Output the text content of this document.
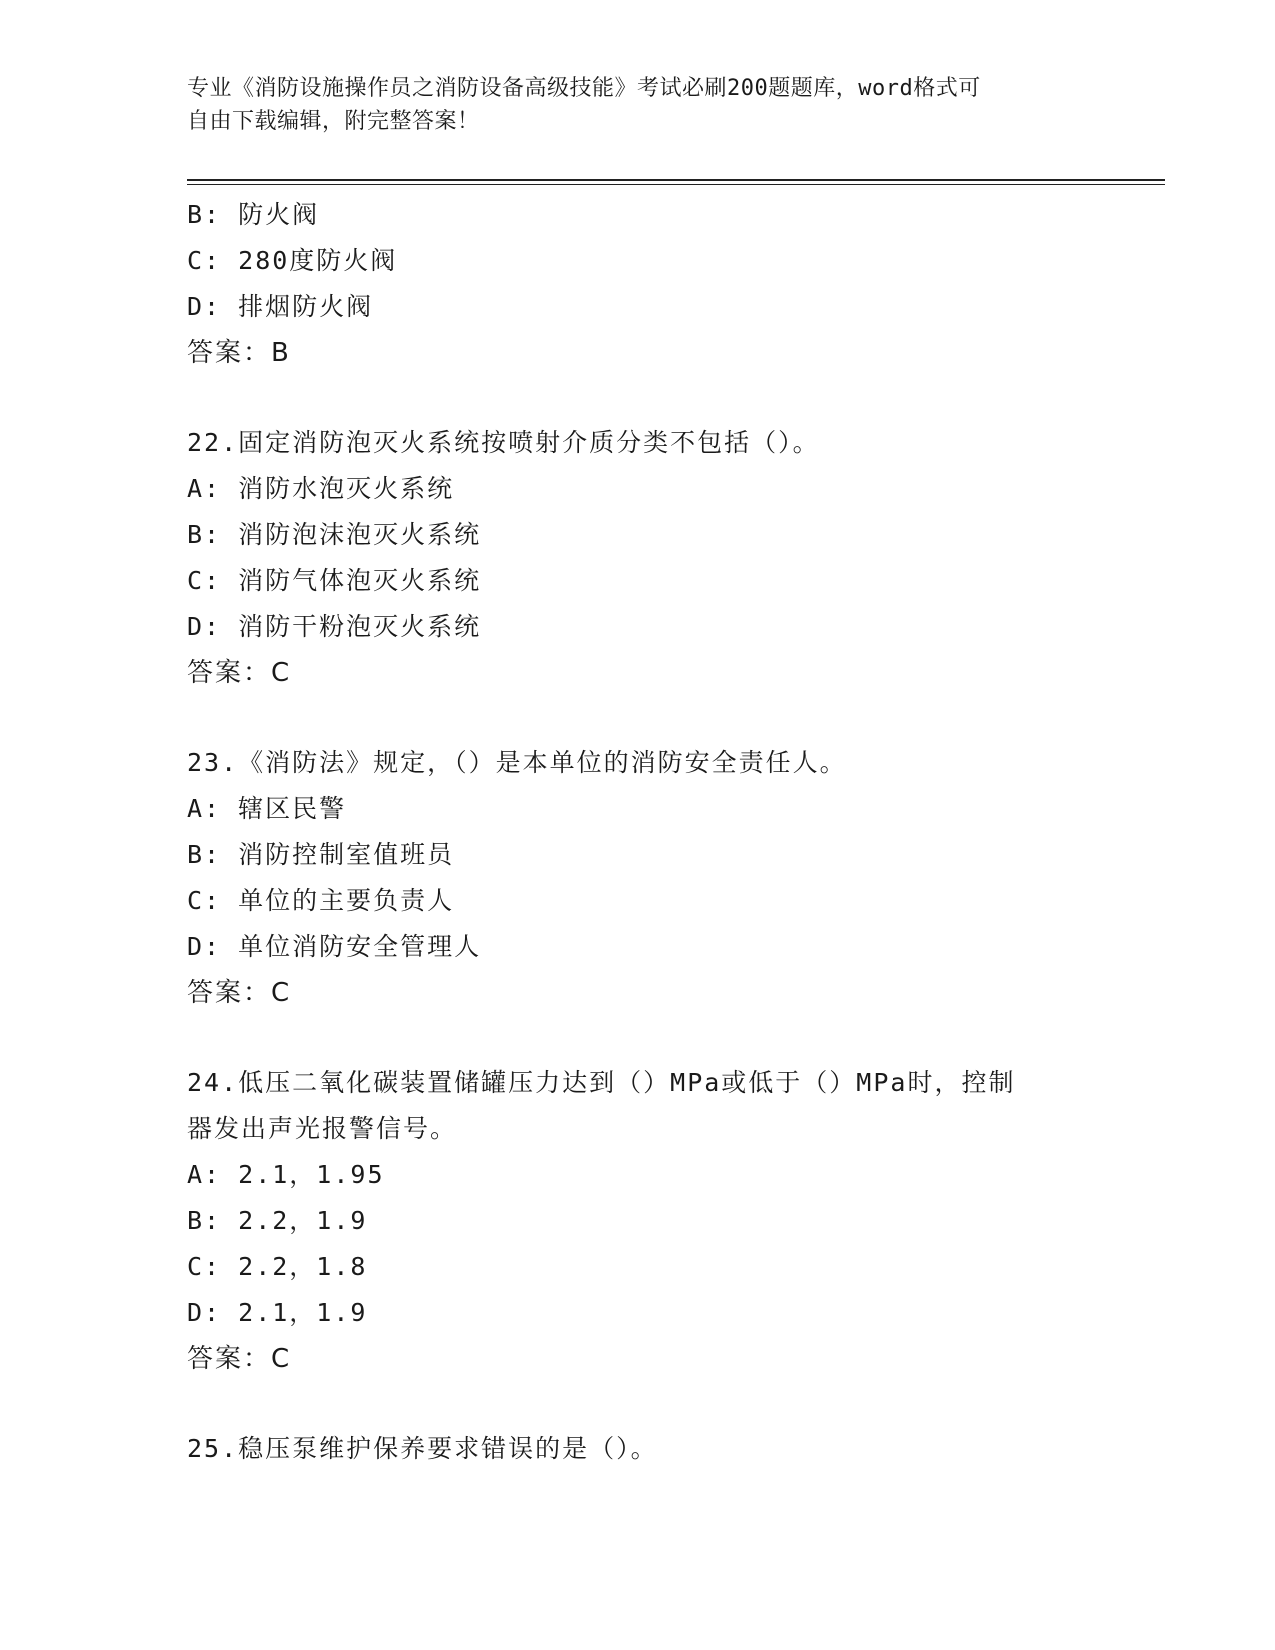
专业《消防设施操作员之消防设备高级技能》考试必刷200题题库，word格式可
自由下载编辑，附完整答案！
B: 防火阀
C: 280度防火阀
D: 排烟防火阀
答案：B
22.固定消防泡灭火系统按喷射介质分类不包括（）。
A: 消防水泡灭火系统
B: 消防泡沫泡灭火系统
C: 消防气体泡灭火系统
D: 消防干粉泡灭火系统
答案：C
23.《消防法》规定，（）是本单位的消防安全责任人。
A: 辖区民警
B: 消防控制室值班员
C: 单位的主要负责人
D: 单位消防安全管理人
答案：C
24.低压二氧化碳装置储罐压力达到（）MPa或低于（）MPa时，控制
器发出声光报警信号。
A: 2.1，1.95
B: 2.2，1.9
C: 2.2，1.8
D: 2.1，1.9
答案：C
25.稳压泵维护保养要求错误的是（）。
